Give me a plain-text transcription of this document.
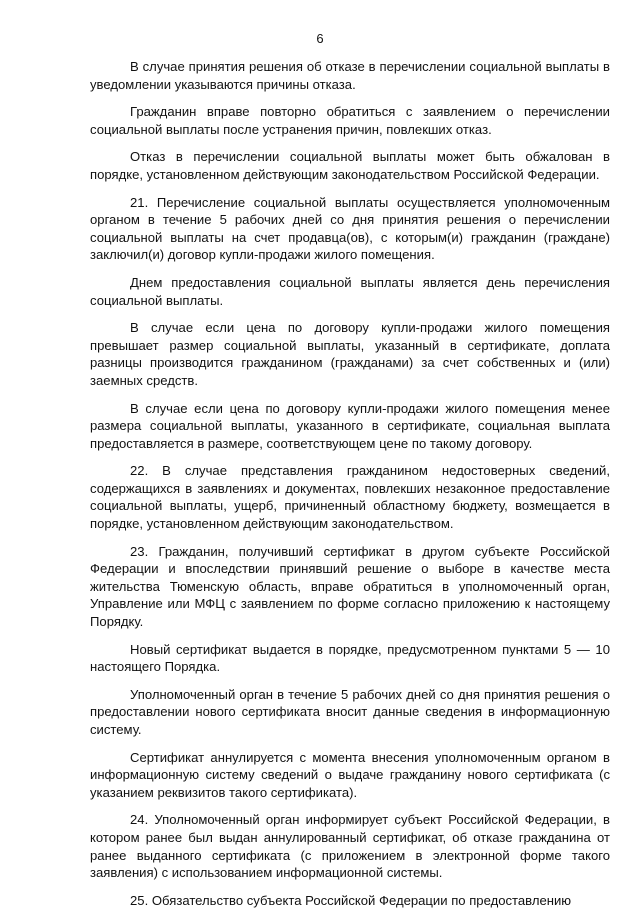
6

В случае принятия решения об отказе в перечислении социальной выплаты в уведомлении указываются причины отказа.

Гражданин вправе повторно обратиться с заявлением о перечислении социальной выплаты после устранения причин, повлекших отказ.

Отказ в перечислении социальной выплаты может быть обжалован в порядке, установленном действующим законодательством Российской Федерации.

21. Перечисление социальной выплаты осуществляется уполномоченным органом в течение 5 рабочих дней со дня принятия решения о перечислении социальной выплаты на счет продавца(ов), с которым(и) гражданин (граждане) заключил(и) договор купли-продажи жилого помещения.

Днем предоставления социальной выплаты является день перечисления социальной выплаты.

В случае если цена по договору купли-продажи жилого помещения превышает размер социальной выплаты, указанный в сертификате, доплата разницы производится гражданином (гражданами) за счет собственных и (или) заемных средств.

В случае если цена по договору купли-продажи жилого помещения менее размера социальной выплаты, указанного в сертификате, социальная выплата предоставляется в размере, соответствующем цене по такому договору.

22. В случае представления гражданином недостоверных сведений, содержащихся в заявлениях и документах, повлекших незаконное предоставление социальной выплаты, ущерб, причиненный областному бюджету, возмещается в порядке, установленном действующим законодательством.

23. Гражданин, получивший сертификат в другом субъекте Российской Федерации и впоследствии принявший решение о выборе в качестве места жительства Тюменскую область, вправе обратиться в уполномоченный орган, Управление или МФЦ с заявлением по форме согласно приложению к настоящему Порядку.

Новый сертификат выдается в порядке, предусмотренном пунктами 5 — 10 настоящего Порядка.

Уполномоченный орган в течение 5 рабочих дней со дня принятия решения о предоставлении нового сертификата вносит данные сведения в информационную систему.

Сертификат аннулируется с момента внесения уполномоченным органом в информационную систему сведений о выдаче гражданину нового сертификата (с указанием реквизитов такого сертификата).

24. Уполномоченный орган информирует субъект Российской Федерации, в котором ранее был выдан аннулированный сертификат, об отказе гражданина от ранее выданного сертификата (с приложением в электронной форме такого заявления) с использованием информационной системы.

25. Обязательство субъекта Российской Федерации по предоставлению
